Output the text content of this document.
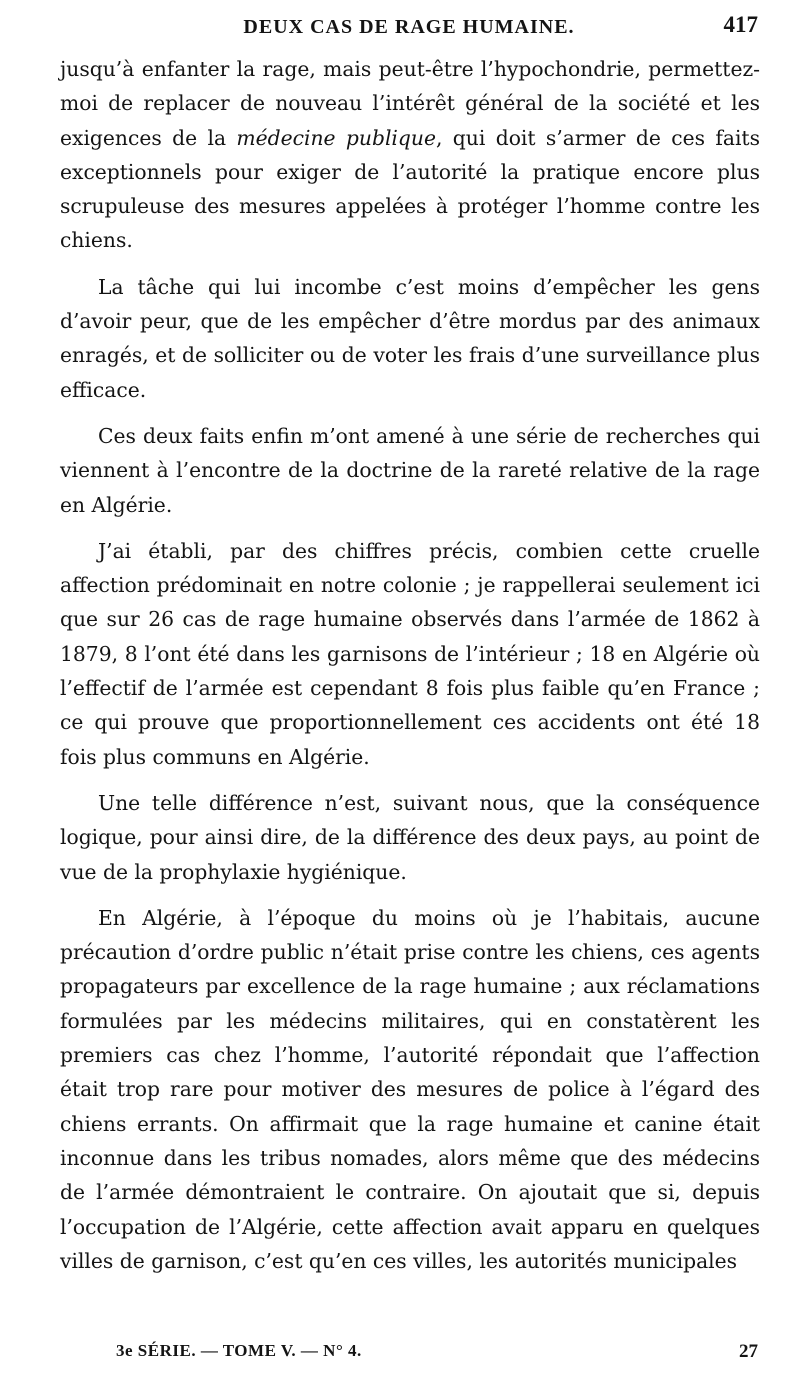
DEUX CAS DE RAGE HUMAINE.	417

jusqu’à enfanter la rage, mais peut-être l’hypochondrie, permettez-moi de replacer de nouveau l’intérêt général de la société et les exigences de la médecine publique, qui doit s’armer de ces faits exceptionnels pour exiger de l’autorité la pratique encore plus scrupuleuse des mesures appelées à protéger l’homme contre les chiens.

La tâche qui lui incombe c’est moins d’empêcher les gens d’avoir peur, que de les empêcher d’être mordus par des animaux enragés, et de solliciter ou de voter les frais d’une surveillance plus efficace.

Ces deux faits enfin m’ont amené à une série de recherches qui viennent à l’encontre de la doctrine de la rareté relative de la rage en Algérie.

J’ai établi, par des chiffres précis, combien cette cruelle affection prédominait en notre colonie ; je rappellerai seulement ici que sur 26 cas de rage humaine observés dans l’armée de 1862 à 1879, 8 l’ont été dans les garnisons de l’intérieur ; 18 en Algérie où l’effectif de l’armée est cependant 8 fois plus faible qu’en France ; ce qui prouve que proportionnellement ces accidents ont été 18 fois plus communs en Algérie.

Une telle différence n’est, suivant nous, que la conséquence logique, pour ainsi dire, de la différence des deux pays, au point de vue de la prophylaxie hygiénique.

En Algérie, à l’époque du moins où je l’habitais, aucune précaution d’ordre public n’était prise contre les chiens, ces agents propagateurs par excellence de la rage humaine ; aux réclamations formulées par les médecins militaires, qui en constatèrent les premiers cas chez l’homme, l’autorité répondait que l’affection était trop rare pour motiver des mesures de police à l’égard des chiens errants. On affirmait que la rage humaine et canine était inconnue dans les tribus nomades, alors même que des médecins de l’armée démontraient le contraire. On ajoutait que si, depuis l’occupation de l’Algérie, cette affection avait apparu en quelques villes de garnison, c’est qu’en ces villes, les autorités municipales

3e SÉRIE. — TOME V. — N° 4.	27
